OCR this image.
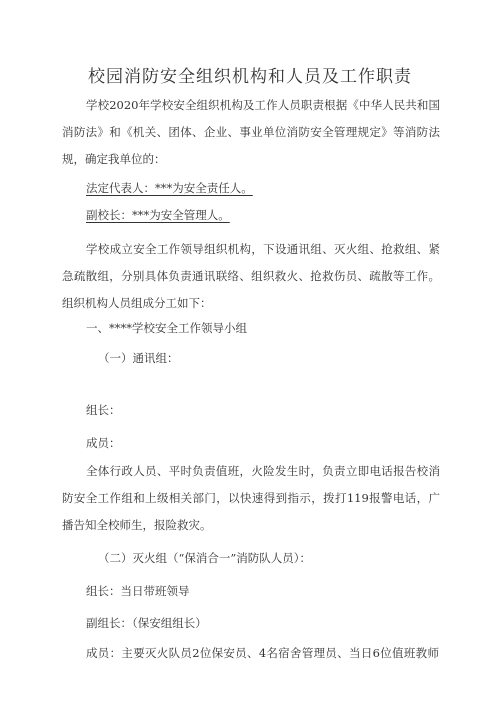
校园消防安全组织机构和人员及工作职责

学校2020年学校安全组织机构及工作人员职责根据《中华人民共和国消防法》和《机关、团体、企业、事业单位消防安全管理规定》等消防法规，确定我单位的：

法定代表人：***为安全责任人。
副校长：***为安全管理人。

学校成立安全工作领导组织机构，下设通讯组、灭火组、抢救组、紧急疏散组，分别具体负责通讯联络、组织救火、抢救伤员、疏散等工作。组织机构人员组成分工如下：

一、****学校安全工作领导小组
（一）通讯组：
组长：
成员：

全体行政人员、平时负责值班，火险发生时，负责立即电话报告校消防安全工作组和上级相关部门，以快速得到指示，拨打119报警电话，广播告知全校师生，报险救灾。

（二）灭火组（“保消合一”消防队人员）：
组长：当日带班领导
副组长：（保安组组长）
成员：主要灭火队员2位保安员、4名宿舍管理员、当日6位值班教师
